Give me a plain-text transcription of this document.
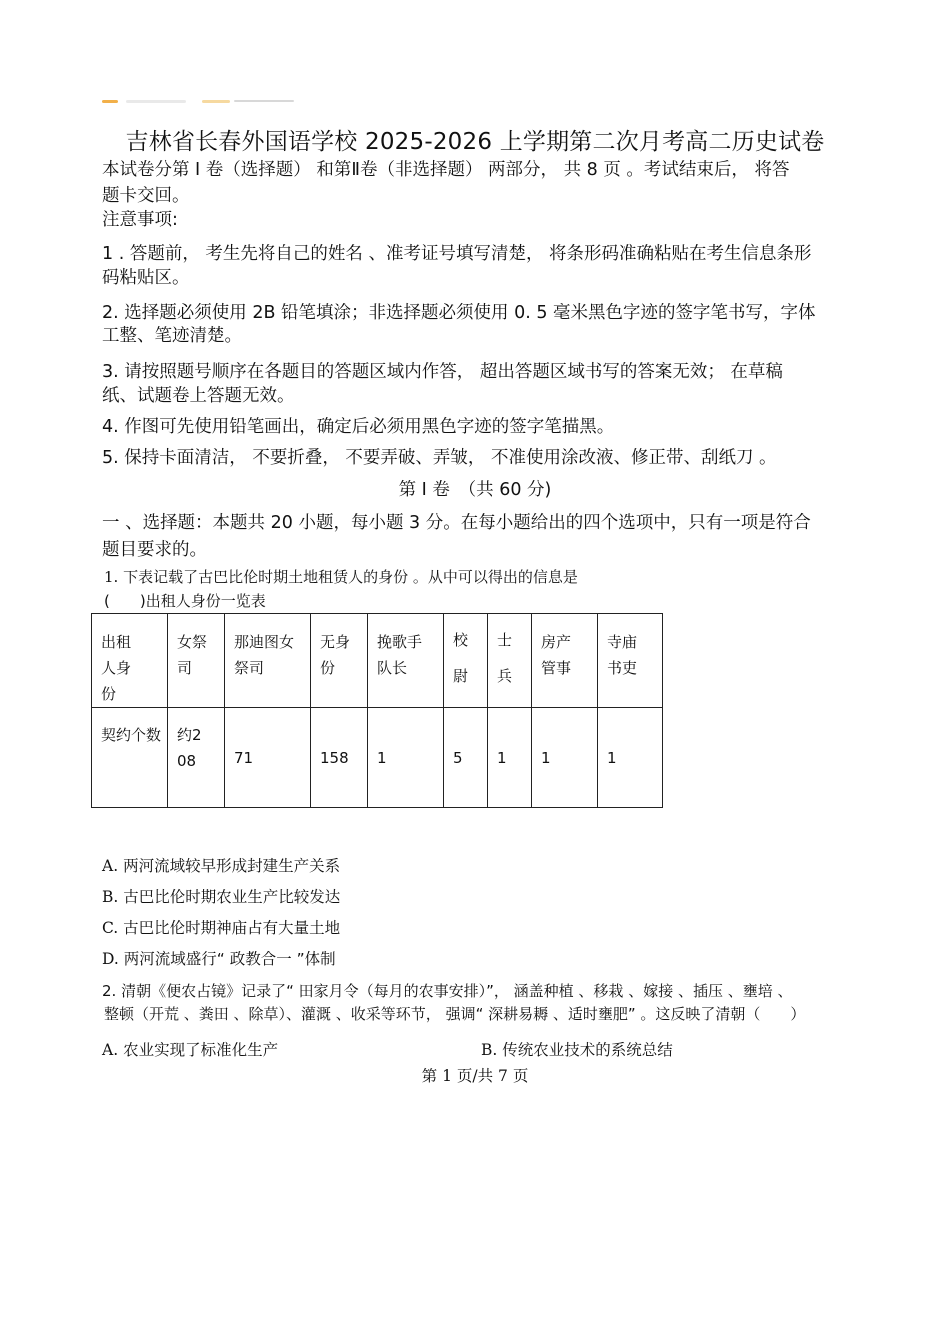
吉林省长春外国语学校 2025-2026 上学期第二次月考高二历史试卷
本试卷分第 Ⅰ 卷（选择题） 和第Ⅱ卷（非选择题） 两部分， 共 8 页 。考试结束后， 将答
题卡交回。
注意事项:
1 . 答题前， 考生先将自己的姓名 、准考证号填写清楚， 将条形码准确粘贴在考生信息条形
码粘贴区。
2. 选择题必须使用 2B 铅笔填涂；非选择题必须使用 0. 5 毫米黑色字迹的签字笔书写，字体
工整、笔迹清楚。
3. 请按照题号顺序在各题目的答题区域内作答， 超出答题区域书写的答案无效； 在草稿
纸、试题卷上答题无效。
4. 作图可先使用铅笔画出，确定后必须用黑色字迹的签字笔描黑。
5. 保持卡面清洁， 不要折叠， 不要弄破、弄皱， 不准使用涂改液、修正带、刮纸刀 。
第 Ⅰ 卷　（共 60 分)
一 、选择题：本题共 20 小题，每小题 3 分。在每小题给出的四个选项中，只有一项是符合
题目要求的。
1. 下表记载了古巴比伦时期土地租赁人的身份 。从中可以得出的信息是
(　　)出租人身份一览表
出租人身份	女祭司	那迪图女祭司	无身份	挽歌手队长	校尉	士兵	房产管事	寺庙书吏
契约个数	约208	71	158	1	5	1	1	1
A. 两河流域较早形成封建生产关系
B. 古巴比伦时期农业生产比较发达
C. 古巴比伦时期神庙占有大量土地
D. 两河流域盛行“ 政教合一 ”体制
2. 清朝《便农占镜》记录了“ 田家月令（每月的农事安排）”， 涵盖种植 、移栽 、嫁接 、插压 、壅培 、
整顿（开荒 、粪田 、除草）、灌溉 、收采等环节， 强调“ 深耕易耨 、适时壅肥” 。这反映了清朝（　　）
A. 农业实现了标准化生产	B. 传统农业技术的系统总结
第 1 页/共 7 页
